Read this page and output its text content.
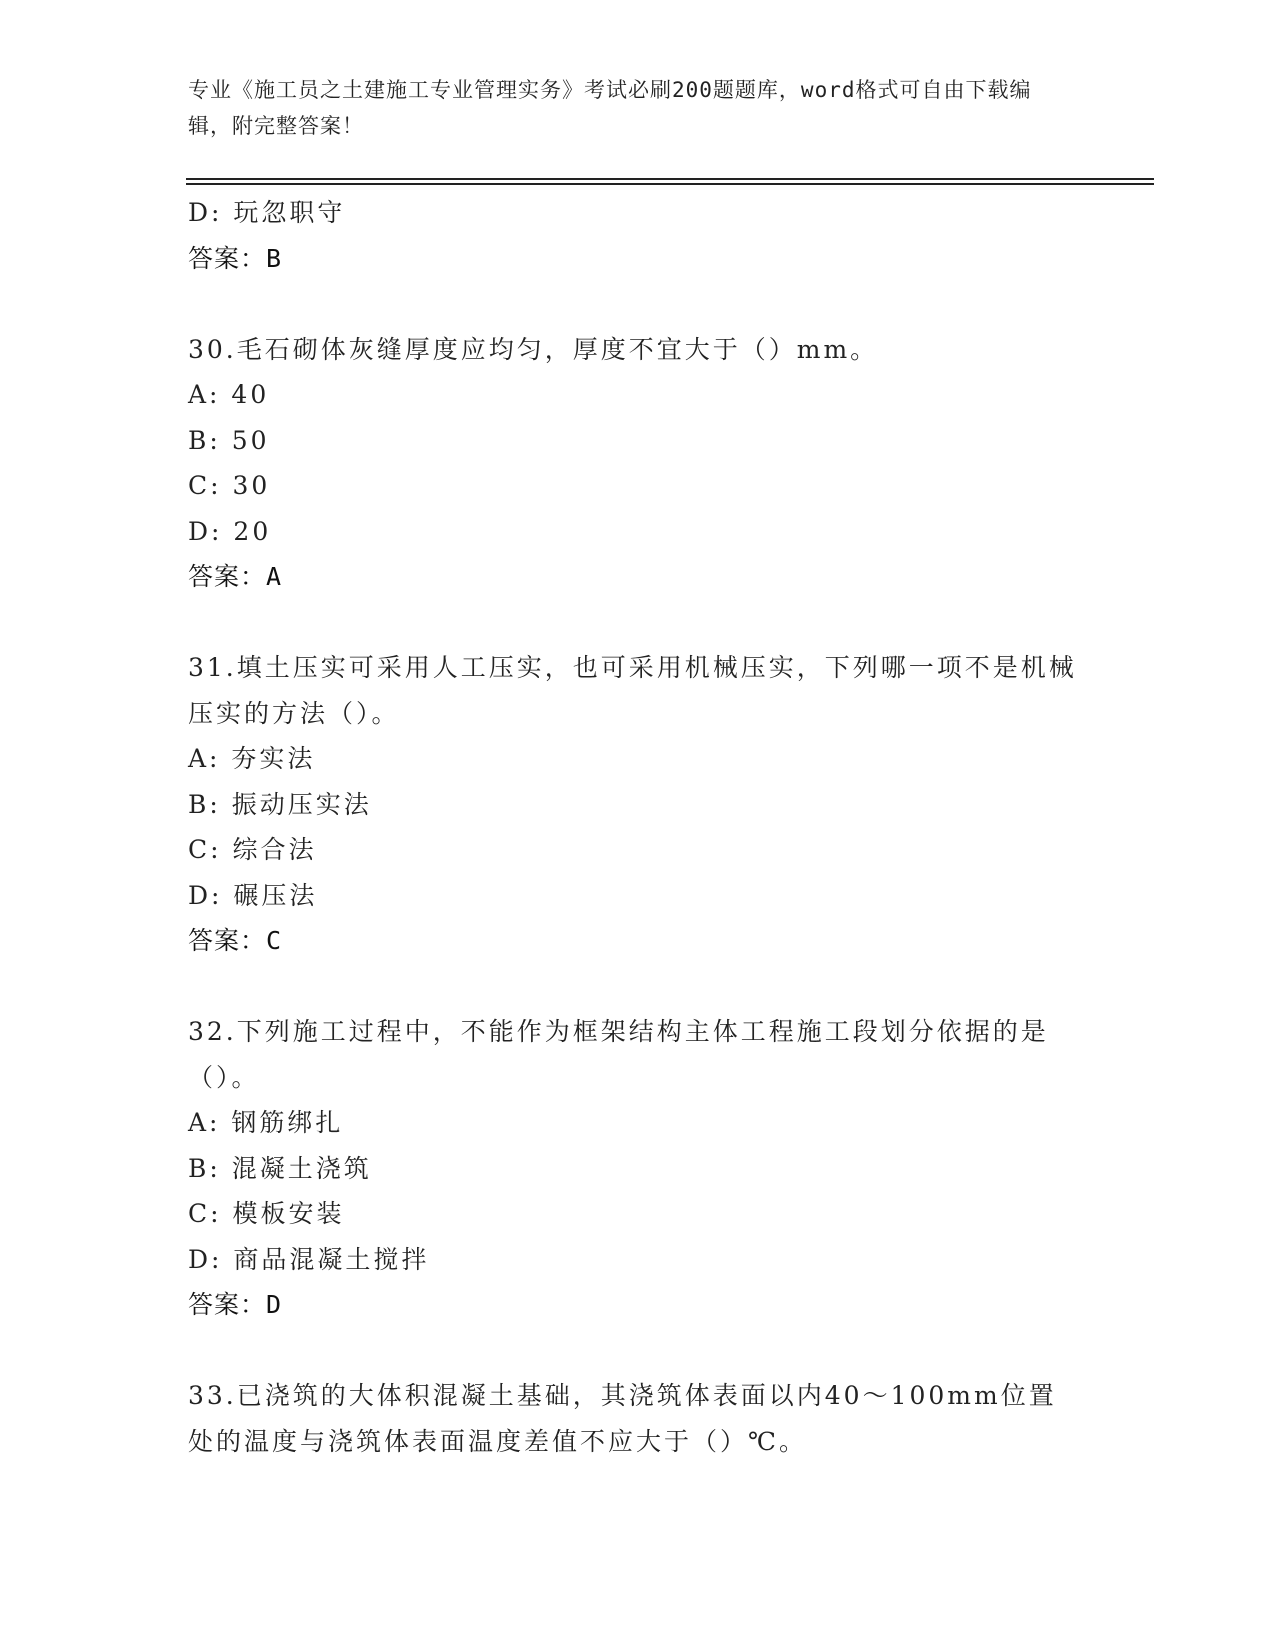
专业《施工员之土建施工专业管理实务》考试必刷200题题库，word格式可自由下载编辑，附完整答案！
D: 玩忽职守
答案：B
30.毛石砌体灰缝厚度应均匀，厚度不宜大于（）mm。
A: 40
B: 50
C: 30
D: 20
答案：A
31.填土压实可采用人工压实，也可采用机械压实，下列哪一项不是机械压实的方法（）。
A: 夯实法
B: 振动压实法
C: 综合法
D: 碾压法
答案：C
32.下列施工过程中，不能作为框架结构主体工程施工段划分依据的是（）。
A: 钢筋绑扎
B: 混凝土浇筑
C: 模板安装
D: 商品混凝土搅拌
答案：D
33.已浇筑的大体积混凝土基础，其浇筑体表面以内40～100mm位置处的温度与浇筑体表面温度差值不应大于（）℃。
